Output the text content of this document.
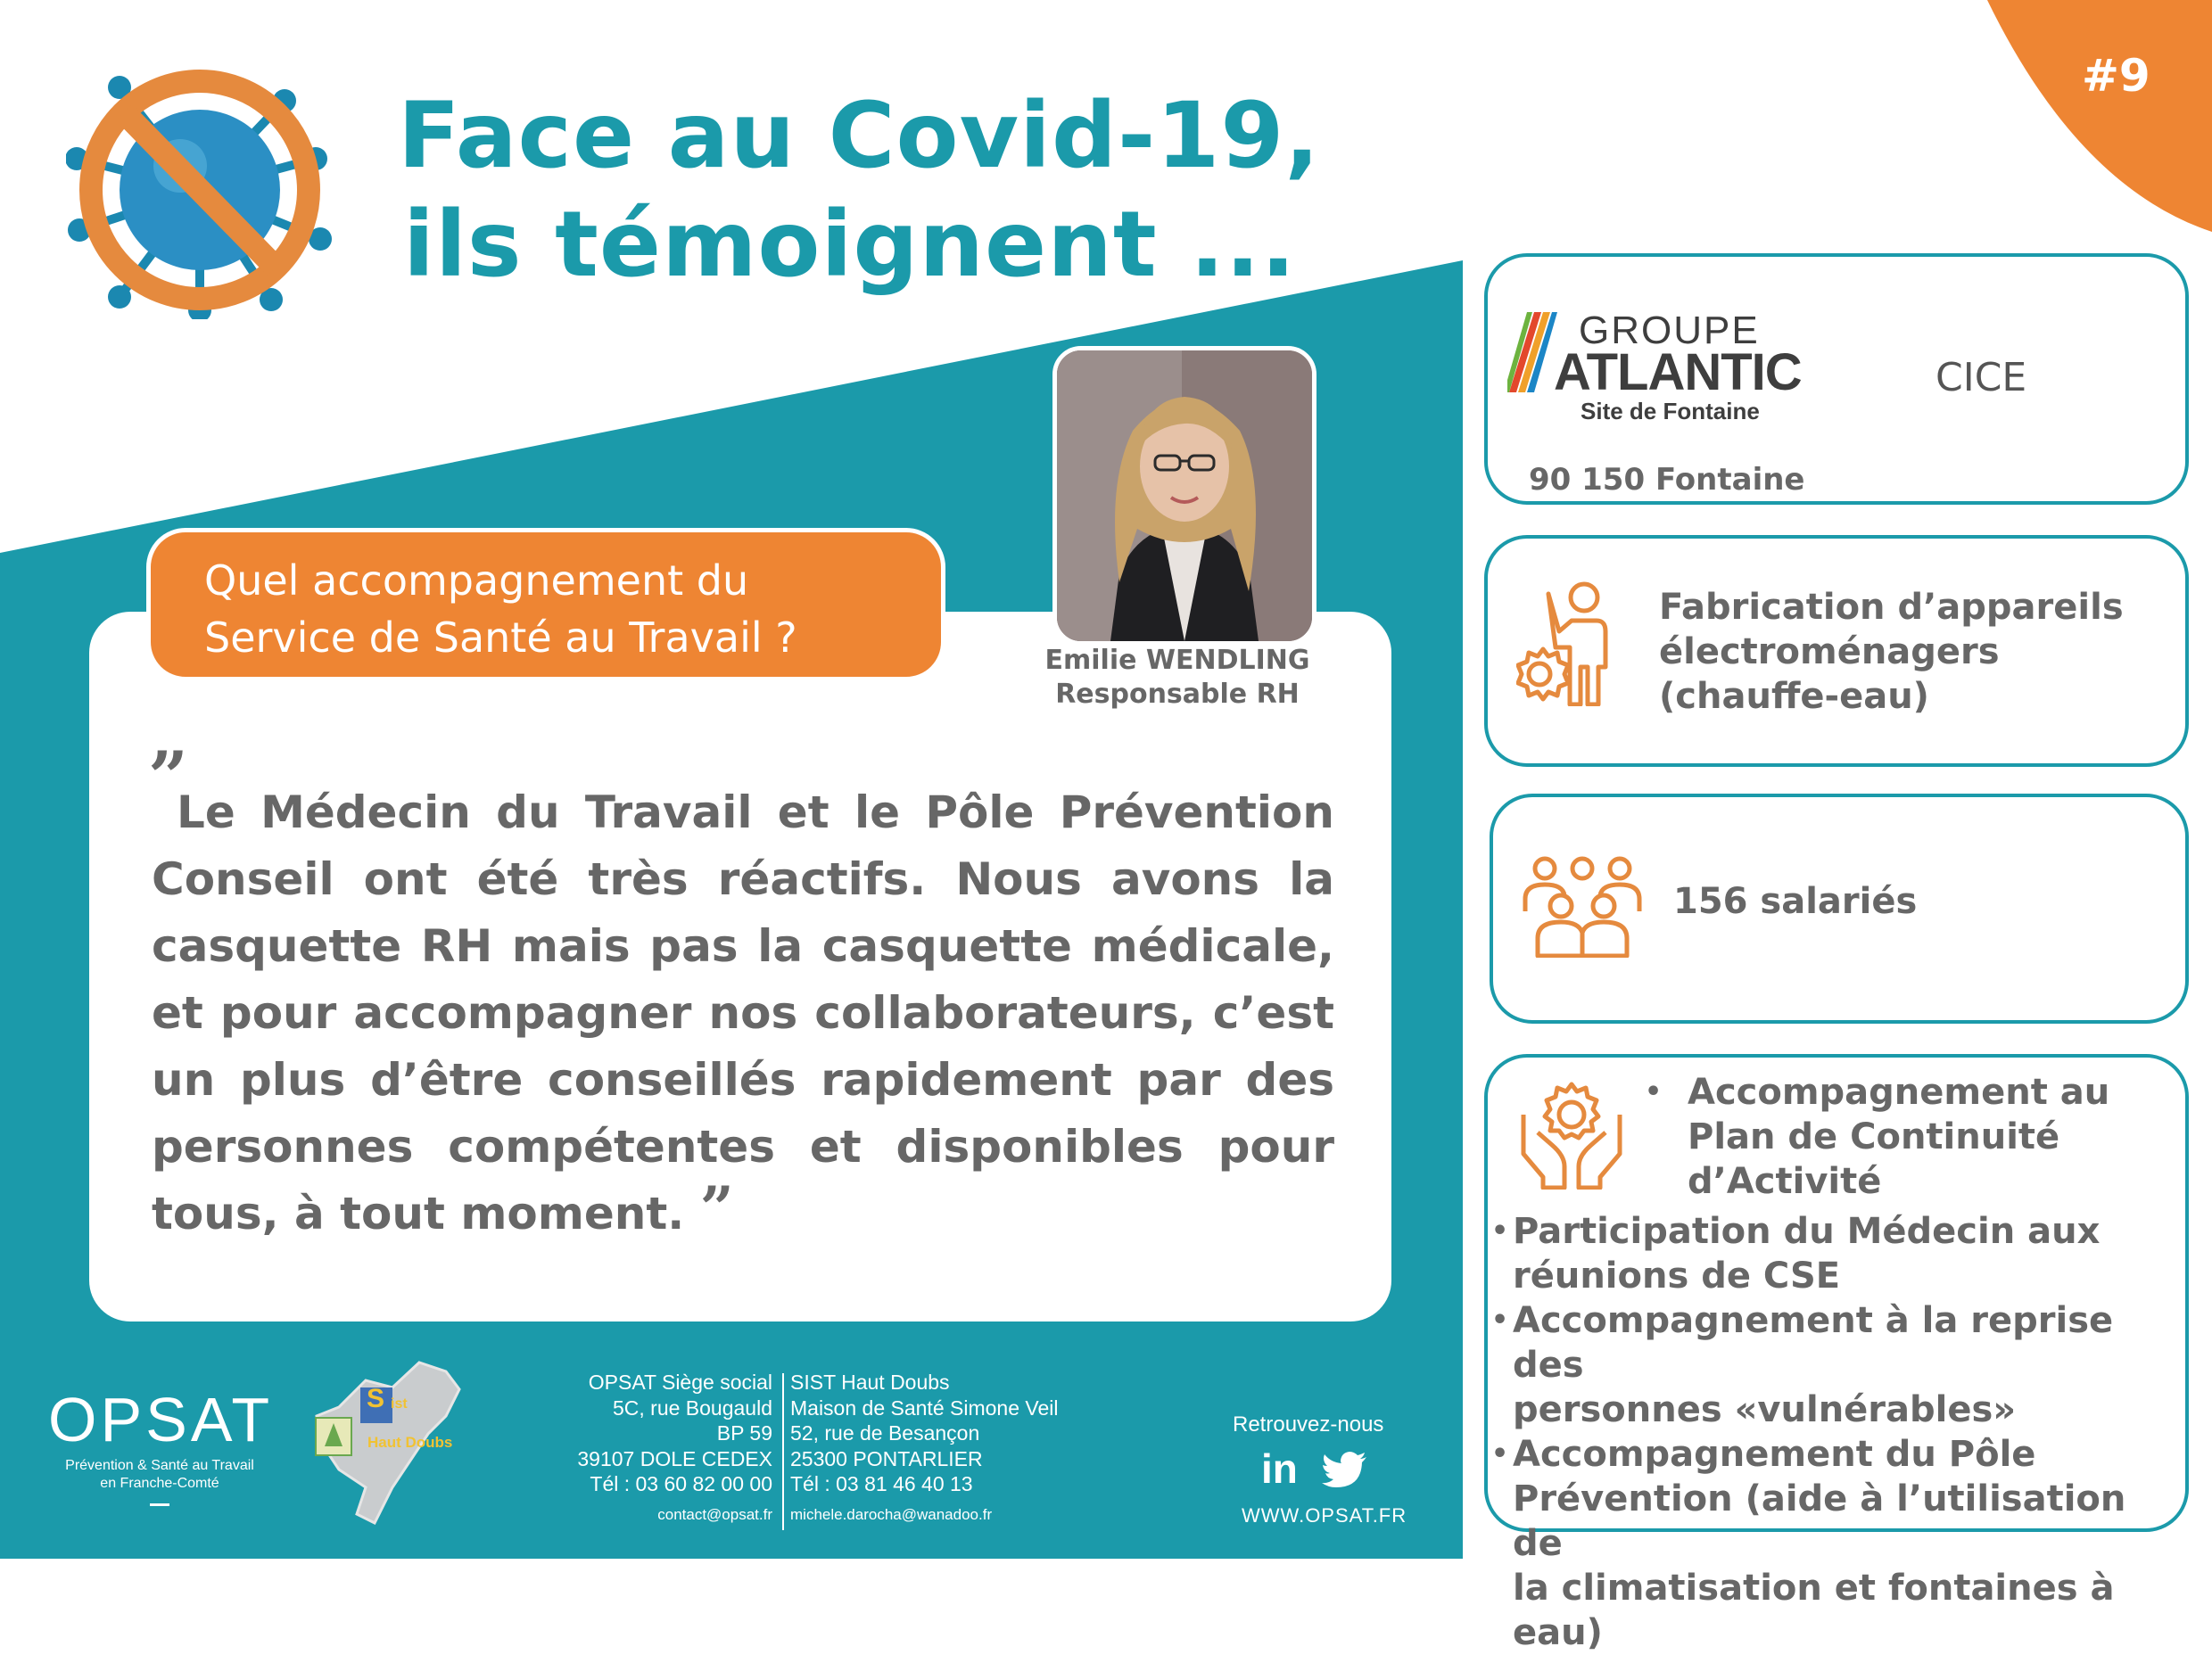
#9
Face au Covid-19,
ils témoignent ...
Quel accompagnement du
Service de Santé au Travail ?	Emilie WENDLING
Responsable RH
”
Le Médecin du Travail et le Pôle Prévention Conseil ont été très réactifs. Nous avons la casquette RH mais pas la casquette médicale, et pour accompagner nos collaborateurs, c’est un plus d’être conseillés rapidement par des personnes compétentes et disponibles pour tous, à tout moment. ”
GROUPE
ATLANTIC
Site de Fontaine
CICE
90 150 Fontaine
Fabrication d’appareils
électroménagers
(chauffe-eau)
156 salariés
• Accompagnement au
Plan de Continuité
d’Activité
• Participation du Médecin aux
réunions de CSE
• Accompagnement à la reprise des
personnes «vulnérables»
• Accompagnement du Pôle
Prévention (aide à l’utilisation de
la climatisation et fontaines à eau)
OPSAT
Prévention & Santé au Travail
en Franche-Comté
S ist
Haut Doubs
OPSAT Siège social
5C, rue Bougauld
BP 59
39107 DOLE CEDEX
Tél : 03 60 82 00 00
contact@opsat.fr
SIST Haut Doubs
Maison de Santé Simone Veil
52, rue de Besançon
25300 PONTARLIER
Tél : 03 81 46 40 13
michele.darocha@wanadoo.fr
Retrouvez-nous
in
WWW.OPSAT.FR
